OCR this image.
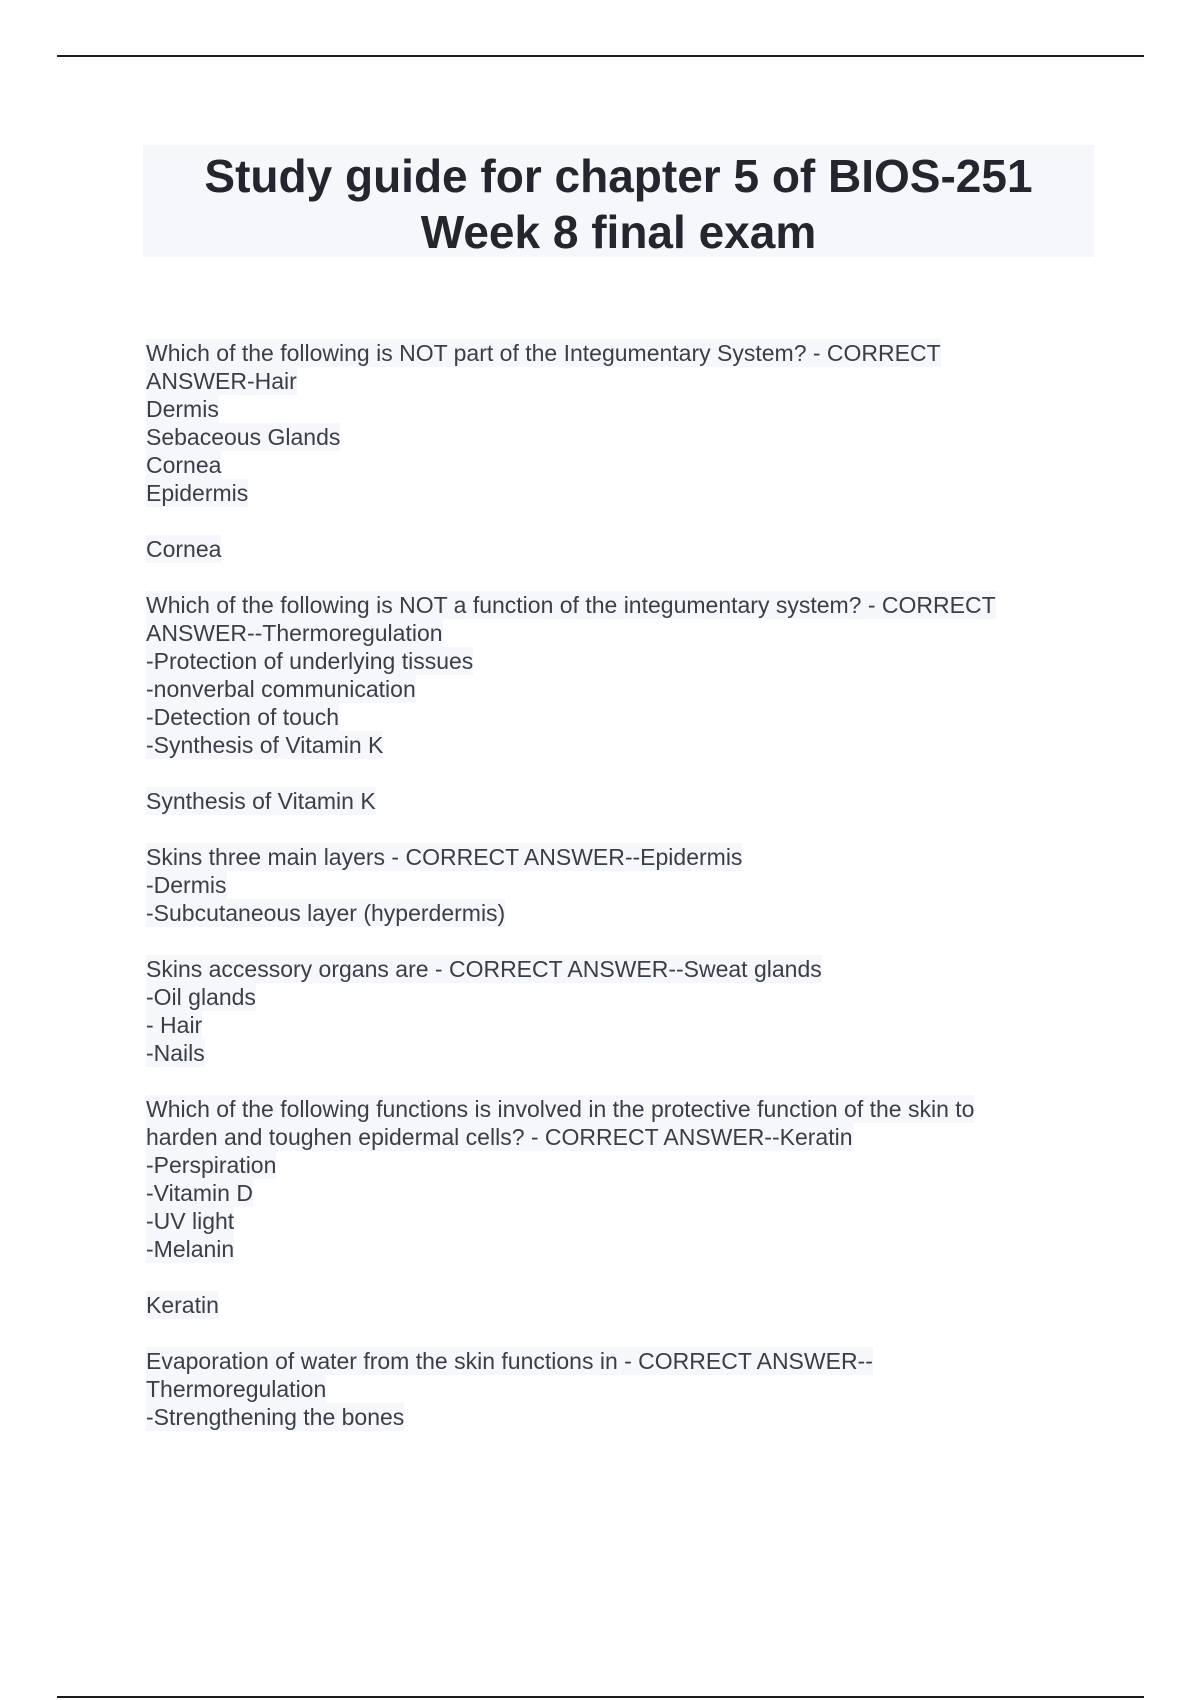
Study guide for chapter 5 of BIOS-251
Week 8 final exam
Which of the following is NOT part of the Integumentary System? - CORRECT
ANSWER-Hair
Dermis
Sebaceous Glands
Cornea
Epidermis
Cornea
Which of the following is NOT a function of the integumentary system? - CORRECT
ANSWER--Thermoregulation
-Protection of underlying tissues
-nonverbal communication
-Detection of touch
-Synthesis of Vitamin K
Synthesis of Vitamin K
Skins three main layers - CORRECT ANSWER--Epidermis
-Dermis
-Subcutaneous layer (hyperdermis)
Skins accessory organs are - CORRECT ANSWER--Sweat glands
-Oil glands
- Hair
-Nails
Which of the following functions is involved in the protective function of the skin to
harden and toughen epidermal cells? - CORRECT ANSWER--Keratin
-Perspiration
-Vitamin D
-UV light
-Melanin
Keratin
Evaporation of water from the skin functions in - CORRECT ANSWER--
Thermoregulation
-Strengthening the bones
